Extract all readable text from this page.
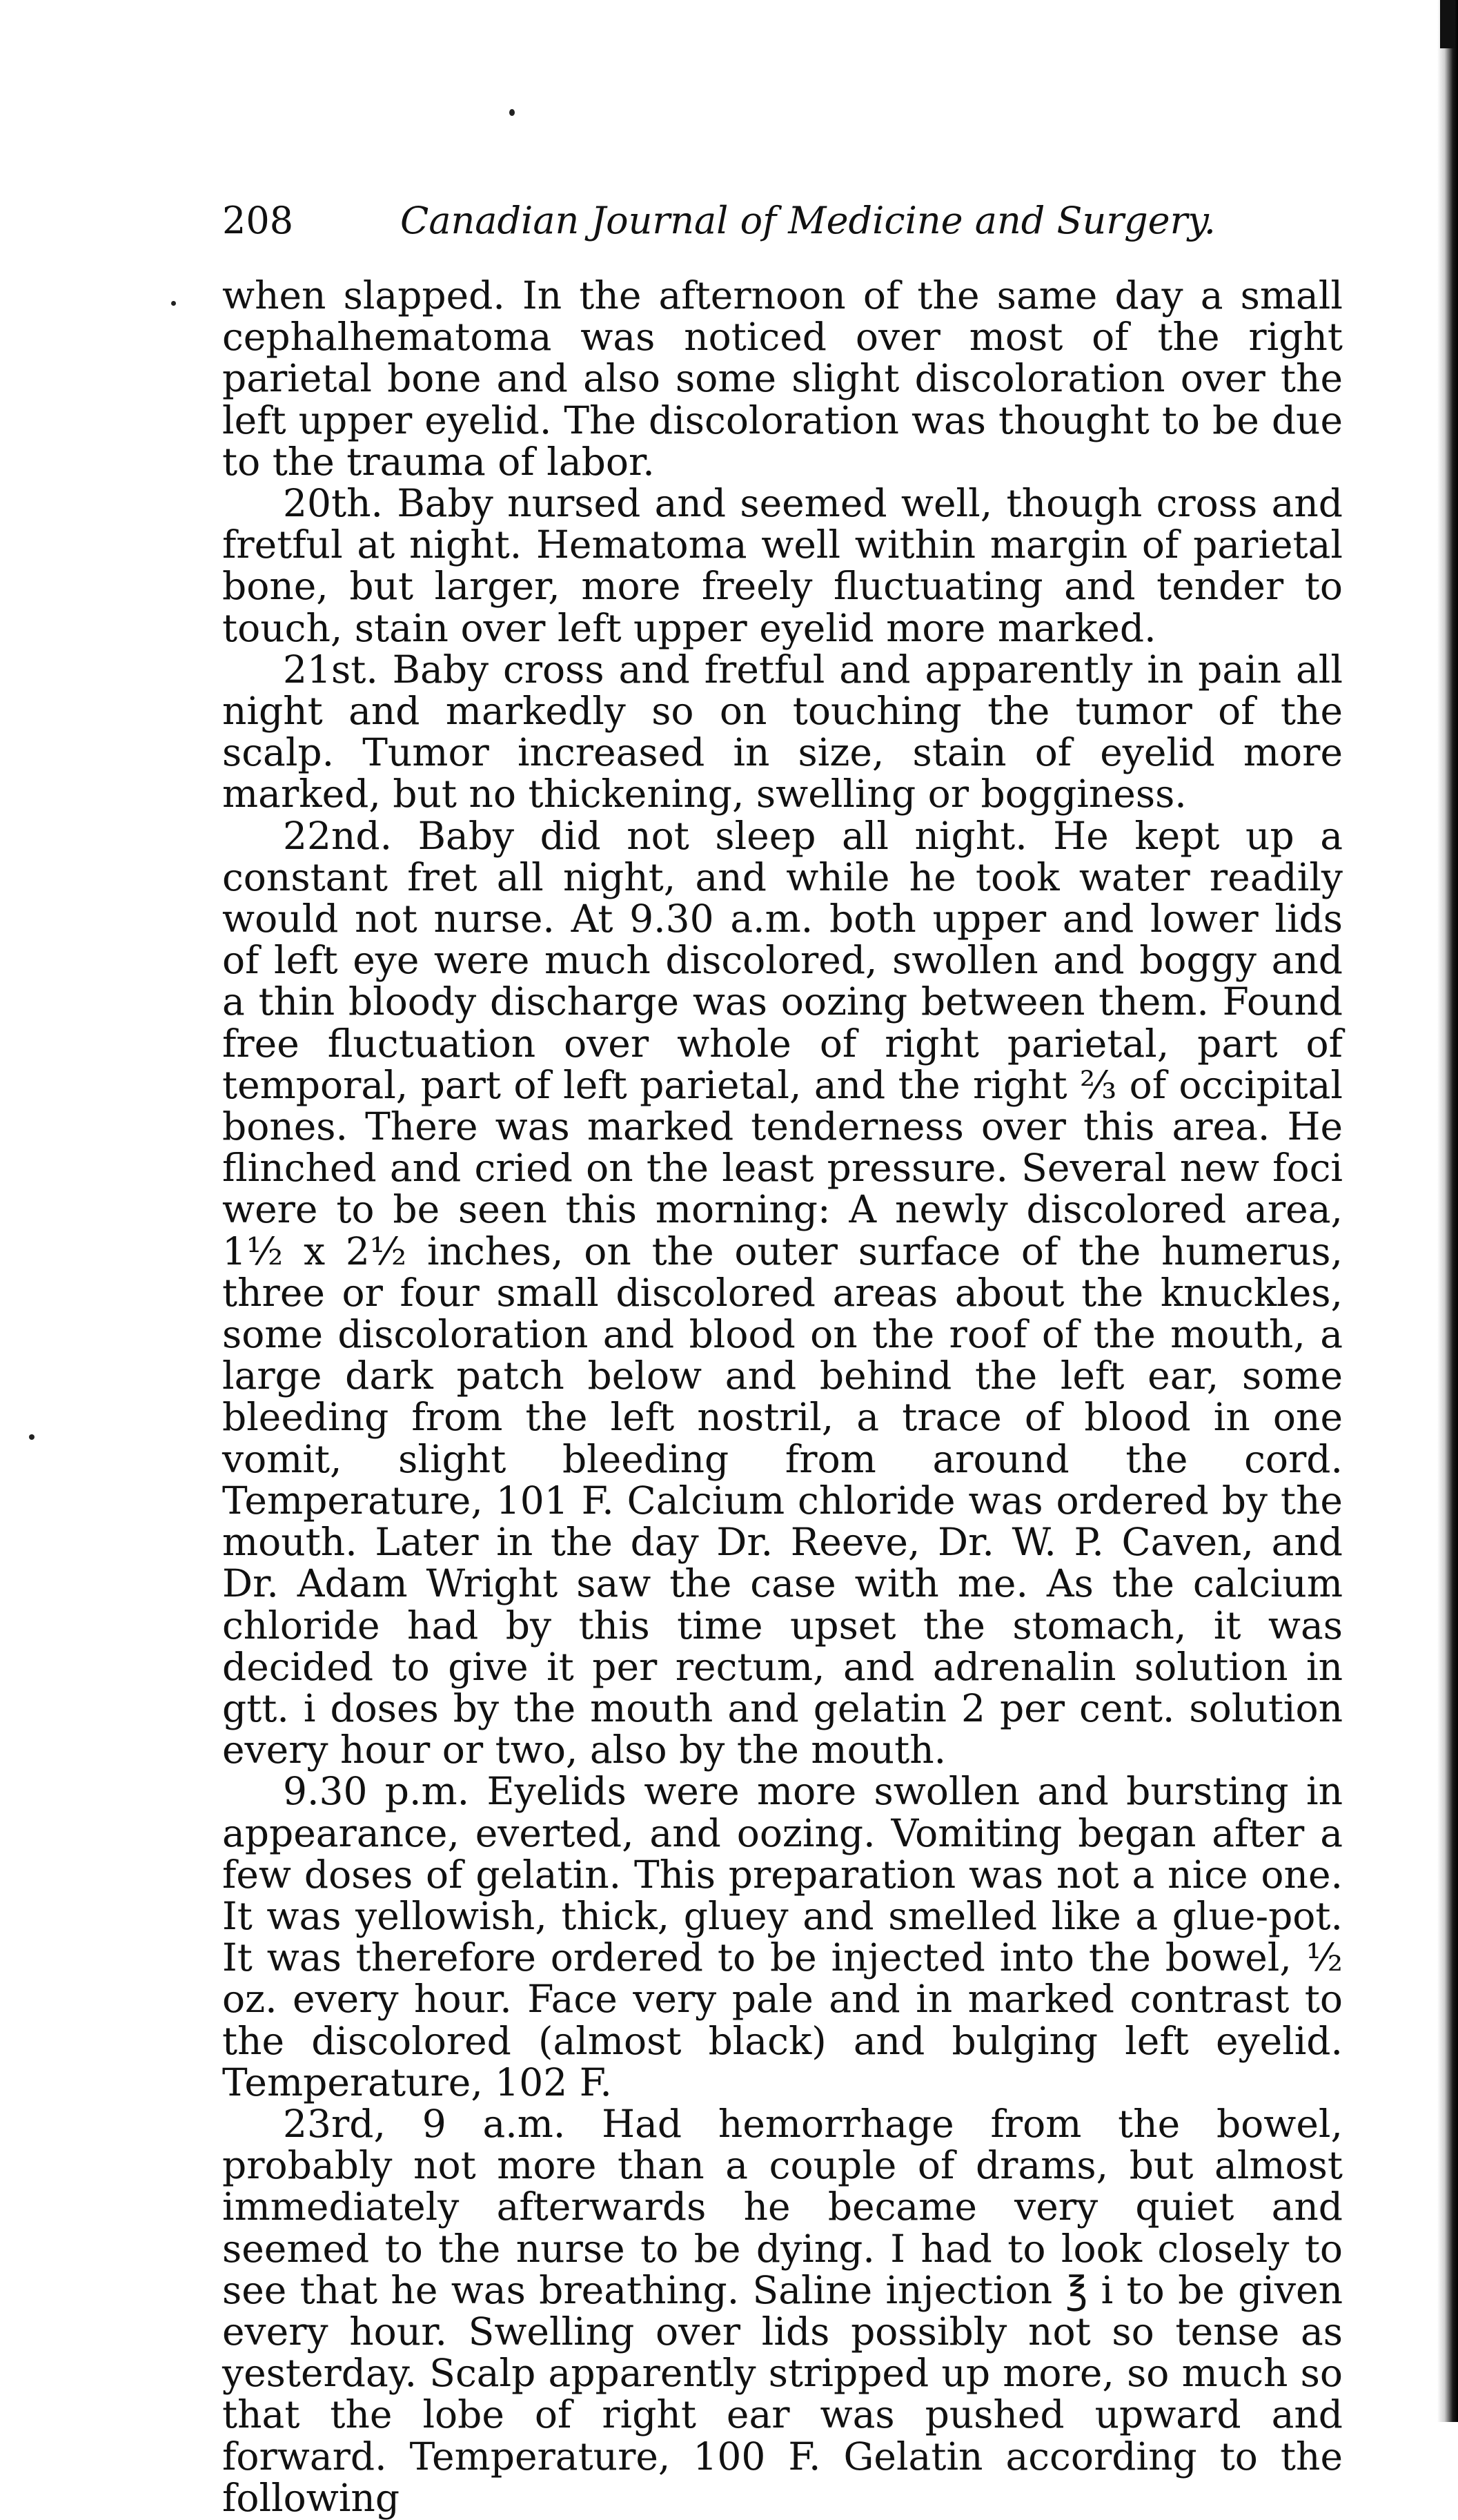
208	Canadian Journal of Medicine and Surgery.

when slapped. In the afternoon of the same day a small cephalhematoma was noticed over most of the right parietal bone and also some slight discoloration over the left upper eyelid. The discoloration was thought to be due to the trauma of labor.

20th. Baby nursed and seemed well, though cross and fretful at night. Hematoma well within margin of parietal bone, but larger, more freely fluctuating and tender to touch, stain over left upper eyelid more marked.

21st. Baby cross and fretful and apparently in pain all night and markedly so on touching the tumor of the scalp. Tumor increased in size, stain of eyelid more marked, but no thickening, swelling or bogginess.

22nd. Baby did not sleep all night. He kept up a constant fret all night, and while he took water readily would not nurse. At 9.30 a.m. both upper and lower lids of left eye were much discolored, swollen and boggy and a thin bloody discharge was oozing between them. Found free fluctuation over whole of right parietal, part of temporal, part of left parietal, and the right ⅔ of occipital bones. There was marked tenderness over this area. He flinched and cried on the least pressure. Several new foci were to be seen this morning: A newly discolored area, 1½ x 2½ inches, on the outer surface of the humerus, three or four small discolored areas about the knuckles, some discoloration and blood on the roof of the mouth, a large dark patch below and behind the left ear, some bleeding from the left nostril, a trace of blood in one vomit, slight bleeding from around the cord. Temperature, 101 F. Calcium chloride was ordered by the mouth. Later in the day Dr. Reeve, Dr. W. P. Caven, and Dr. Adam Wright saw the case with me. As the calcium chloride had by this time upset the stomach, it was decided to give it per rectum, and adrenalin solution in gtt. i doses by the mouth and gelatin 2 per cent. solution every hour or two, also by the mouth.

9.30 p.m. Eyelids were more swollen and bursting in appearance, everted, and oozing. Vomiting began after a few doses of gelatin. This preparation was not a nice one. It was yellowish, thick, gluey and smelled like a glue-pot. It was therefore ordered to be injected into the bowel, ½ oz. every hour. Face very pale and in marked contrast to the discolored (almost black) and bulging left eyelid. Temperature, 102 F.

23rd, 9 a.m. Had hemorrhage from the bowel, probably not more than a couple of drams, but almost immediately afterwards he became very quiet and seemed to the nurse to be dying. I had to look closely to see that he was breathing. Saline injection ℥ i to be given every hour. Swelling over lids possibly not so tense as yesterday. Scalp apparently stripped up more, so much so that the lobe of right ear was pushed upward and forward. Temperature, 100 F. Gelatin according to the following
